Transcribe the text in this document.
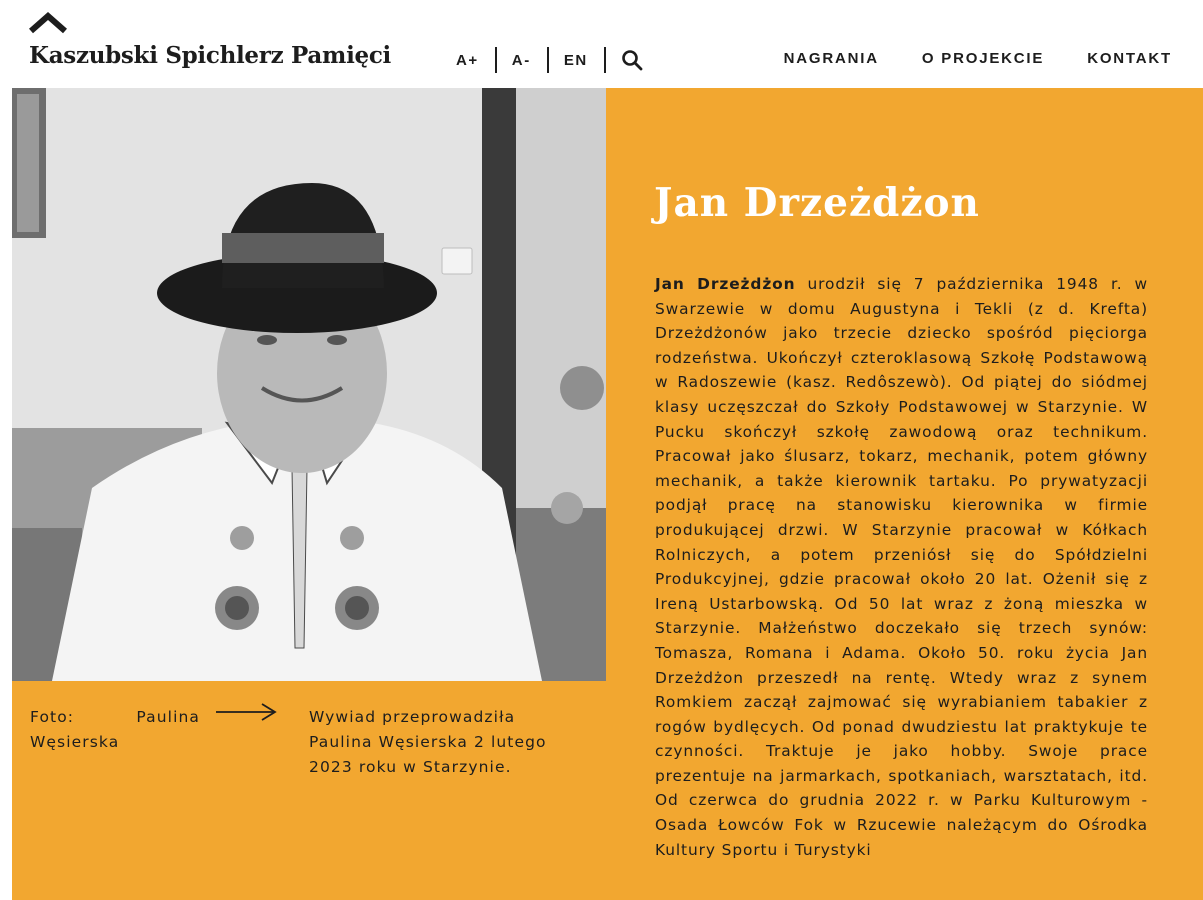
Kaszubski Spichlerz Pamięci	A+ A- EN	NAGRANIA	O PROJEKCIE	KONTAKT
Foto: Paulina

Węsierska
Wywiad przeprowadziła Paulina Węsierska 2 lutego 2023 roku w Starzynie.
Jan Drzeżdżon

Jan Drzeżdżon urodził się 7 października 1948 r. w Swarzewie w domu Augustyna i Tekli (z d. Krefta) Drzeżdżonów jako trzecie dziecko spośród pięciorga rodzeństwa. Ukończył czteroklasową Szkołę Podstawową w Radoszewie (kasz. Redôszewò). Od piątej do siódmej klasy uczęszczał do Szkoły Podstawowej w Starzynie. W Pucku skończył szkołę zawodową oraz technikum. Pracował jako ślusarz, tokarz, mechanik, potem główny mechanik, a także kierownik tartaku. Po prywatyzacji podjął pracę na stanowisku kierownika w firmie produkującej drzwi. W Starzynie pracował w Kółkach Rolniczych, a potem przeniósł się do Spółdzielni Produkcyjnej, gdzie pracował około 20 lat. Ożenił się z Ireną Ustarbowską. Od 50 lat wraz z żoną mieszka w Starzynie. Małżeństwo doczekało się trzech synów: Tomasza, Romana i Adama. Około 50. roku życia Jan Drzeżdżon przeszedł na rentę. Wtedy wraz z synem Romkiem zaczął zajmować się wyrabianiem tabakier z rogów bydlęcych. Od ponad dwudziestu lat praktykuje te czynności. Traktuje je jako hobby. Swoje prace prezentuje na jarmarkach, spotkaniach, warsztatach, itd. Od czerwca do grudnia 2022 r. w Parku Kulturowym - Osada Łowców Fok w Rzucewie należącym do Ośrodka Kultury Sportu i Turystyki
